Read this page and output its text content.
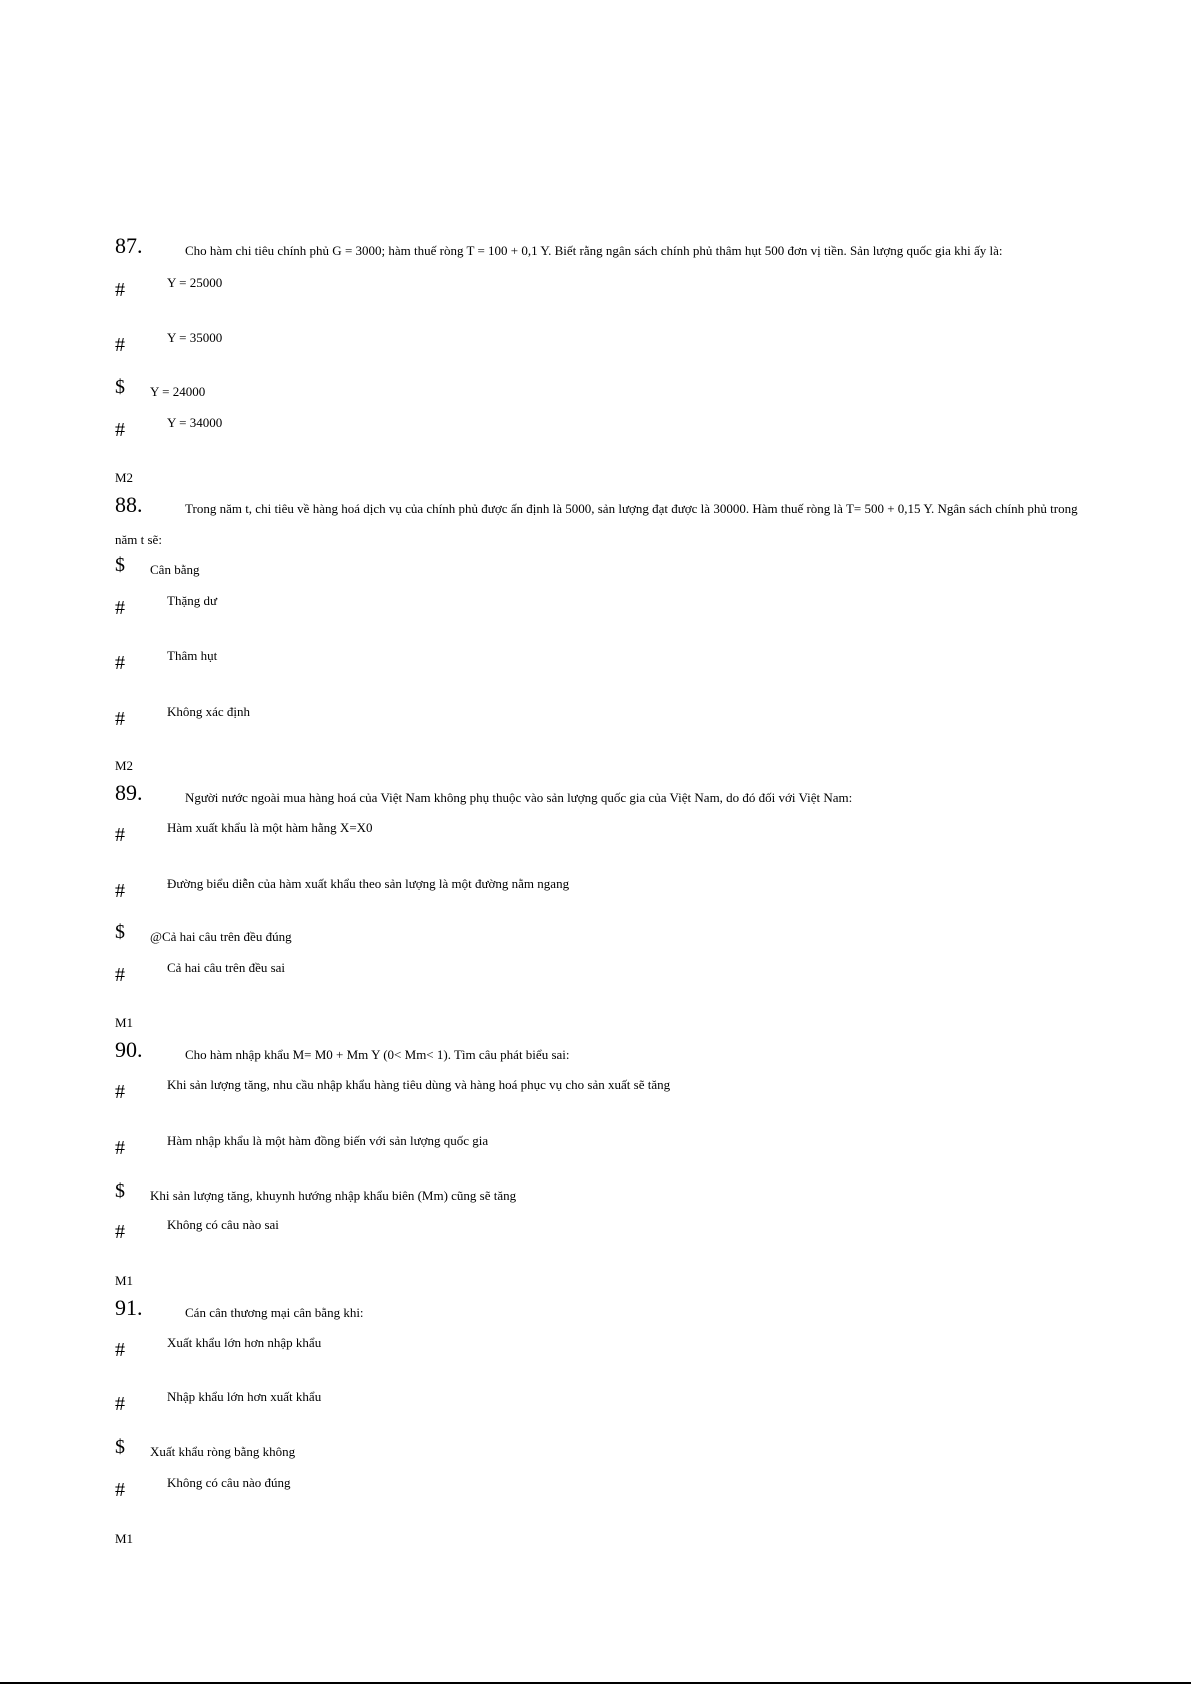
87.	Cho hàm chi tiêu chính phủ G = 3000; hàm thuế ròng T = 100 + 0,1 Y. Biết rằng ngân sách chính phủ thâm hụt 500 đơn vị tiền. Sản lượng quốc gia khi ấy là:
#	Y = 25000
#	Y = 35000
$ Y = 24000
#	Y = 34000
M2
88.	Trong năm t, chi tiêu về hàng hoá dịch vụ của chính phủ được ấn định là 5000, sản lượng đạt được là 30000. Hàm thuế ròng là T= 500 + 0,15 Y. Ngân sách chính phủ trong năm t sẽ:
$ Cân bằng
#	Thặng dư
#	Thâm hụt
#	Không xác định
M2
89.	Người nước ngoài mua hàng hoá của Việt Nam không phụ thuộc vào sản lượng quốc gia của Việt Nam, do đó đối với Việt Nam:
#	Hàm xuất khẩu là một hàm hằng X=X0
#	Đường biểu diễn của hàm xuất khẩu theo sản lượng là một đường nằm ngang
$ @Cả hai câu trên đều đúng
#	Cả hai câu trên đều sai
M1
90.	Cho hàm nhập khẩu M= M0 + Mm Y (0< Mm< 1). Tìm câu phát biểu sai:
#	Khi sản lượng tăng, nhu cầu nhập khẩu hàng tiêu dùng và hàng hoá phục vụ cho sản xuất sẽ tăng
#	Hàm nhập khẩu là một hàm đồng biến với sản lượng quốc gia
$ Khi sản lượng tăng, khuynh hướng nhập khẩu biên (Mm) cũng sẽ tăng
#	Không có câu nào sai
M1
91.	Cán cân thương mại cân bằng khi:
#	Xuất khẩu lớn hơn nhập khẩu
#	Nhập khẩu lớn hơn xuất khẩu
$ Xuất khẩu ròng bằng không
#	Không có câu nào đúng
M1
